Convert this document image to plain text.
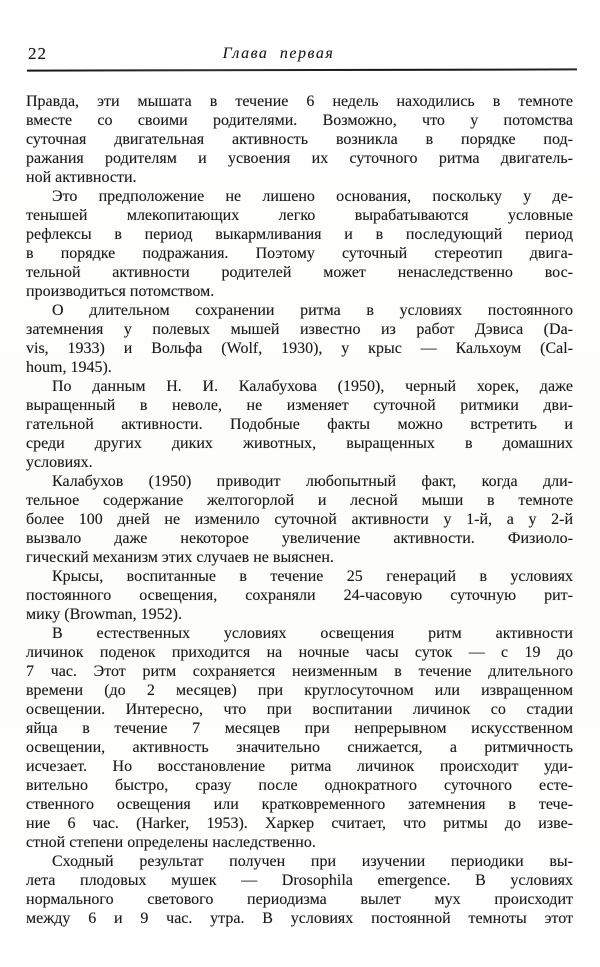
22	Глава первая
Правда, эти мышата в течение 6 недель находились в темноте
вместе со своими родителями. Возможно, что у потомства
суточная двигательная активность возникла в порядке под-
ражания родителям и усвоения их суточного ритма двигатель-
ной активности.
Это предположение не лишено основания, поскольку у де-
тенышей млекопитающих легко вырабатываются условные
рефлексы в период выкармливания и в последующий период
в порядке подражания. Поэтому суточный стереотип двига-
тельной активности родителей может ненаследственно вос-
производиться потомством.
О длительном сохранении ритма в условиях постоянного
затемнения у полевых мышей известно из работ Дэвиса (Da-
vis, 1933) и Вольфа (Wolf, 1930), у крыс — Кальхоум (Cal-
houm, 1945).
По данным Н. И. Калабухова (1950), черный хорек, даже
выращенный в неволе, не изменяет суточной ритмики дви-
гательной активности. Подобные факты можно встретить и
среди других диких животных, выращенных в домашних
условиях.
Калабухов (1950) приводит любопытный факт, когда дли-
тельное содержание желтогорлой и лесной мыши в темноте
более 100 дней не изменило суточной активности у 1-й, а у 2-й
вызвало даже некоторое увеличение активности. Физиоло-
гический механизм этих случаев не выяснен.
Крысы, воспитанные в течение 25 генераций в условиях
постоянного освещения, сохраняли 24-часовую суточную рит-
мику (Browman, 1952).
В естественных условиях освещения ритм активности
личинок поденок приходится на ночные часы суток — с 19 до
7 час. Этот ритм сохраняется неизменным в течение длительного
времени (до 2 месяцев) при круглосуточном или извращенном
освещении. Интересно, что при воспитании личинок со стадии
яйца в течение 7 месяцев при непрерывном искусственном
освещении, активность значительно снижается, а ритмичность
исчезает. Но восстановление ритма личинок происходит уди-
вительно быстро, сразу после однократного суточного есте-
ственного освещения или кратковременного затемнения в тече-
ние 6 час. (Harker, 1953). Харкер считает, что ритмы до изве-
стной степени определены наследственно.
Сходный результат получен при изучении периодики вы-
лета плодовых мушек — Drosophila emergence. В условиях
нормального светового периодизма вылет мух происходит
между 6 и 9 час. утра. В условиях постоянной темноты этот
